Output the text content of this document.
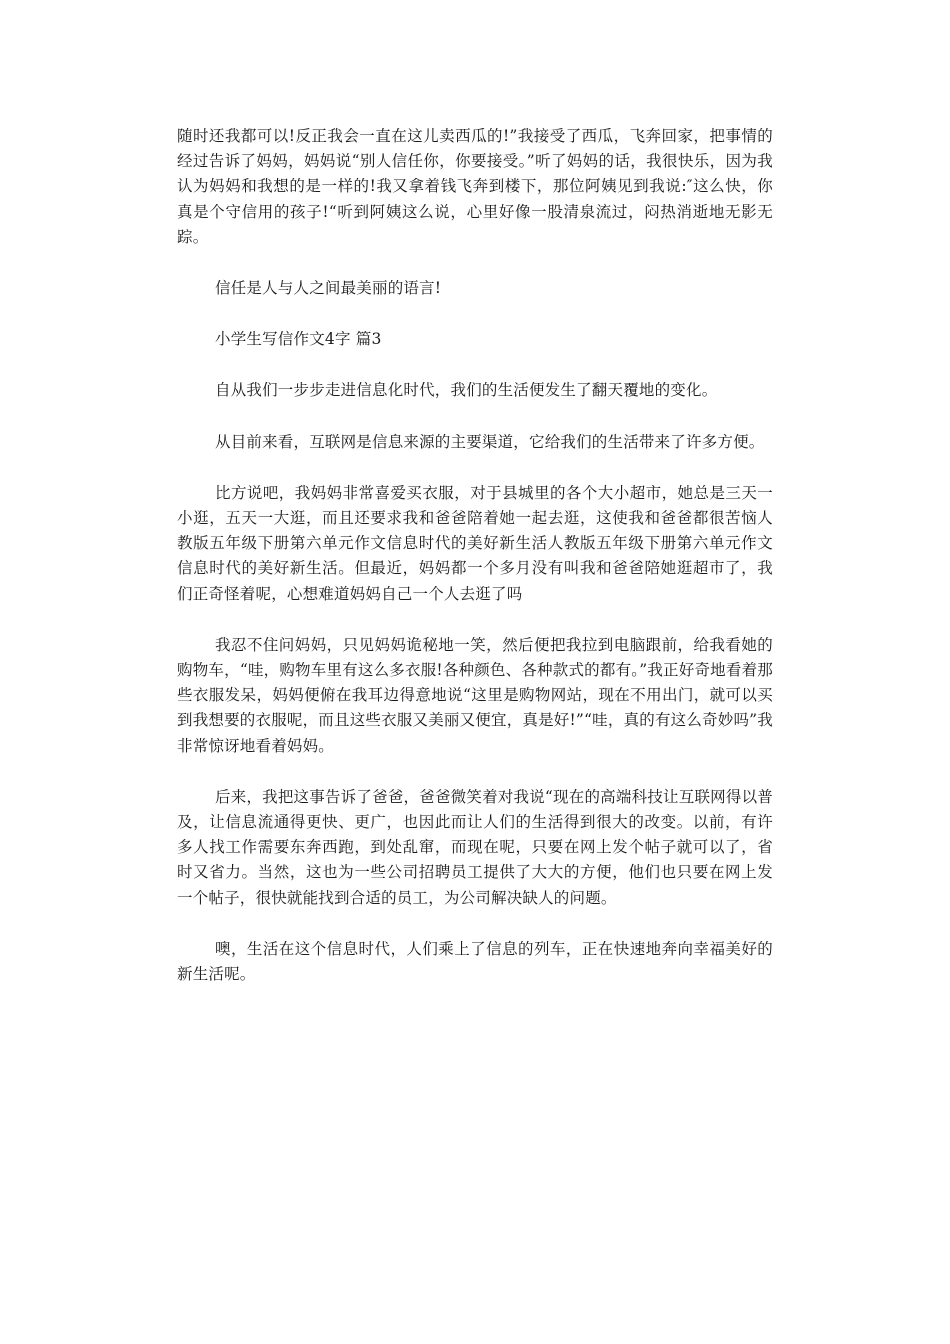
随时还我都可以!反正我会一直在这儿卖西瓜的!”我接受了西瓜，飞奔回家，把事情的经过告诉了妈妈，妈妈说“别人信任你，你要接受。”听了妈妈的话，我很快乐，因为我认为妈妈和我想的是一样的!我又拿着钱飞奔到楼下，那位阿姨见到我说:″这么快，你真是个守信用的孩子!“听到阿姨这么说，心里好像一股清泉流过，闷热消逝地无影无踪。

信任是人与人之间最美丽的语言!

小学生写信作文4字 篇3

自从我们一步步走进信息化时代，我们的生活便发生了翻天覆地的变化。

从目前来看，互联网是信息来源的主要渠道，它给我们的生活带来了许多方便。

比方说吧，我妈妈非常喜爱买衣服，对于县城里的各个大小超市，她总是三天一小逛，五天一大逛，而且还要求我和爸爸陪着她一起去逛，这使我和爸爸都很苦恼人教版五年级下册第六单元作文信息时代的美好新生活人教版五年级下册第六单元作文信息时代的美好新生活。但最近，妈妈都一个多月没有叫我和爸爸陪她逛超市了，我们正奇怪着呢，心想难道妈妈自己一个人去逛了吗

我忍不住问妈妈，只见妈妈诡秘地一笑，然后便把我拉到电脑跟前，给我看她的购物车，“哇，购物车里有这么多衣服!各种颜色、各种款式的都有。”我正好奇地看着那些衣服发呆，妈妈便俯在我耳边得意地说“这里是购物网站，现在不用出门，就可以买到我想要的衣服呢，而且这些衣服又美丽又便宜，真是好!”“哇，真的有这么奇妙吗”我非常惊讶地看着妈妈。

后来，我把这事告诉了爸爸，爸爸微笑着对我说“现在的高端科技让互联网得以普及，让信息流通得更快、更广，也因此而让人们的生活得到很大的改变。以前，有许多人找工作需要东奔西跑，到处乱窜，而现在呢，只要在网上发个帖子就可以了，省时又省力。当然，这也为一些公司招聘员工提供了大大的方便，他们也只要在网上发一个帖子，很快就能找到合适的员工，为公司解决缺人的问题。

噢，生活在这个信息时代，人们乘上了信息的列车，正在快速地奔向幸福美好的新生活呢。
